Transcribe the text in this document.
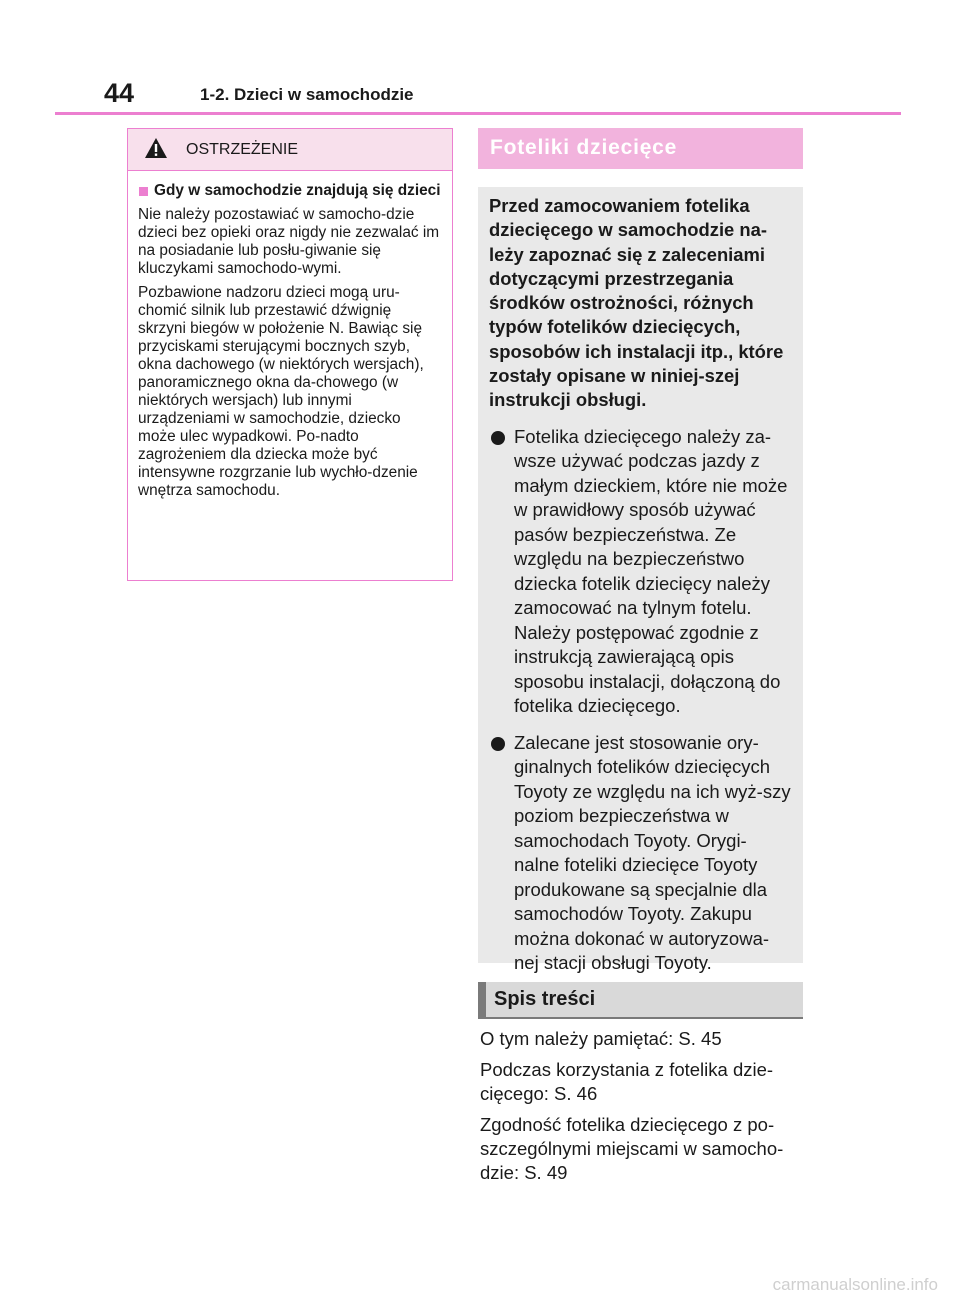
44	1-2. Dzieci w samochodzie
OSTRZEŻENIE
Gdy w samochodzie znajdują się dzieci

Nie należy pozostawiać w samocho-dzie dzieci bez opieki oraz nigdy nie zezwalać im na posiadanie lub posłu-giwanie się kluczykami samochodo-wymi.

Pozbawione nadzoru dzieci mogą uru-chomić silnik lub przestawić dźwignię skrzyni biegów w położenie N. Bawiąc się przyciskami sterującymi bocznych szyb, okna dachowego (w niektórych wersjach), panoramicznego okna da-chowego (w niektórych wersjach) lub innymi urządzeniami w samochodzie, dziecko może ulec wypadkowi. Po-nadto zagrożeniem dla dziecka może być intensywne rozgrzanie lub wychło-dzenie wnętrza samochodu.

Foteliki dziecięce

Przed zamocowaniem fotelika dziecięcego w samochodzie na-leży zapoznać się z zaleceniami dotyczącymi przestrzegania środków ostrożności, różnych typów fotelików dziecięcych, sposobów ich instalacji itp., które zostały opisane w niniej-szej instrukcji obsługi.

Fotelika dziecięcego należy za-wsze używać podczas jazdy z małym dzieckiem, które nie może w prawidłowy sposób używać pasów bezpieczeństwa. Ze względu na bezpieczeństwo dziecka fotelik dziecięcy należy zamocować na tylnym fotelu. Należy postępować zgodnie z instrukcją zawierającą opis sposobu instalacji, dołączoną do fotelika dziecięcego.
Zalecane jest stosowanie ory-ginalnych fotelików dziecięcych Toyoty ze względu na ich wyż-szy poziom bezpieczeństwa w samochodach Toyoty. Orygi-nalne foteliki dziecięce Toyoty produkowane są specjalnie dla samochodów Toyoty. Zakupu można dokonać w autoryzowa-nej stacji obsługi Toyoty.
Spis treści

O tym należy pamiętać: S. 45

Podczas korzystania z fotelika dzie-cięcego: S. 46

Zgodność fotelika dziecięcego z po-szczególnymi miejscami w samocho-dzie: S. 49

carmanualsonline.info
